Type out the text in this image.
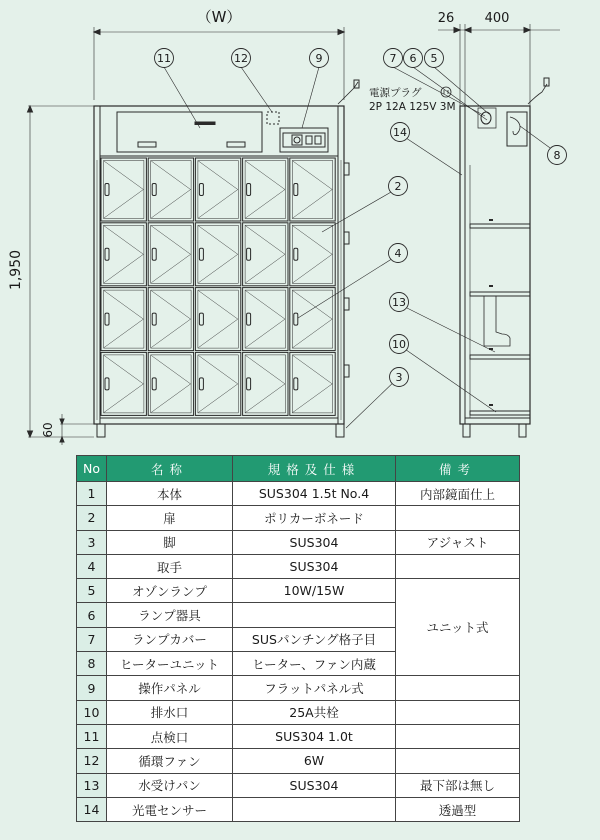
11	12	9
2
4
13
10
3
7 6 5
8
14
（W）	26 400
1,950
60
電源プラグ
2P 12A 125V 3M
No	名称	規格及仕様	備考
1	本体	SUS304 1.5t No.4	内部鏡面仕上
2	扉	ポリカーボネード	
3	脚	SUS304	アジャスト
4	取手	SUS304	
5	オゾンランプ	10W/15W	ユニット式
6	ランプ器具		
7	ランプカバー	SUSパンチング格子目	
8	ヒーターユニット	ヒーター、ファン内蔵	
9	操作パネル	フラットパネル式	
10	排水口	25A共栓	
11	点検口	SUS304 1.0t	
12	循環ファン	6W	
13	水受けパン	SUS304	最下部は無し
14	光電センサー		透過型
